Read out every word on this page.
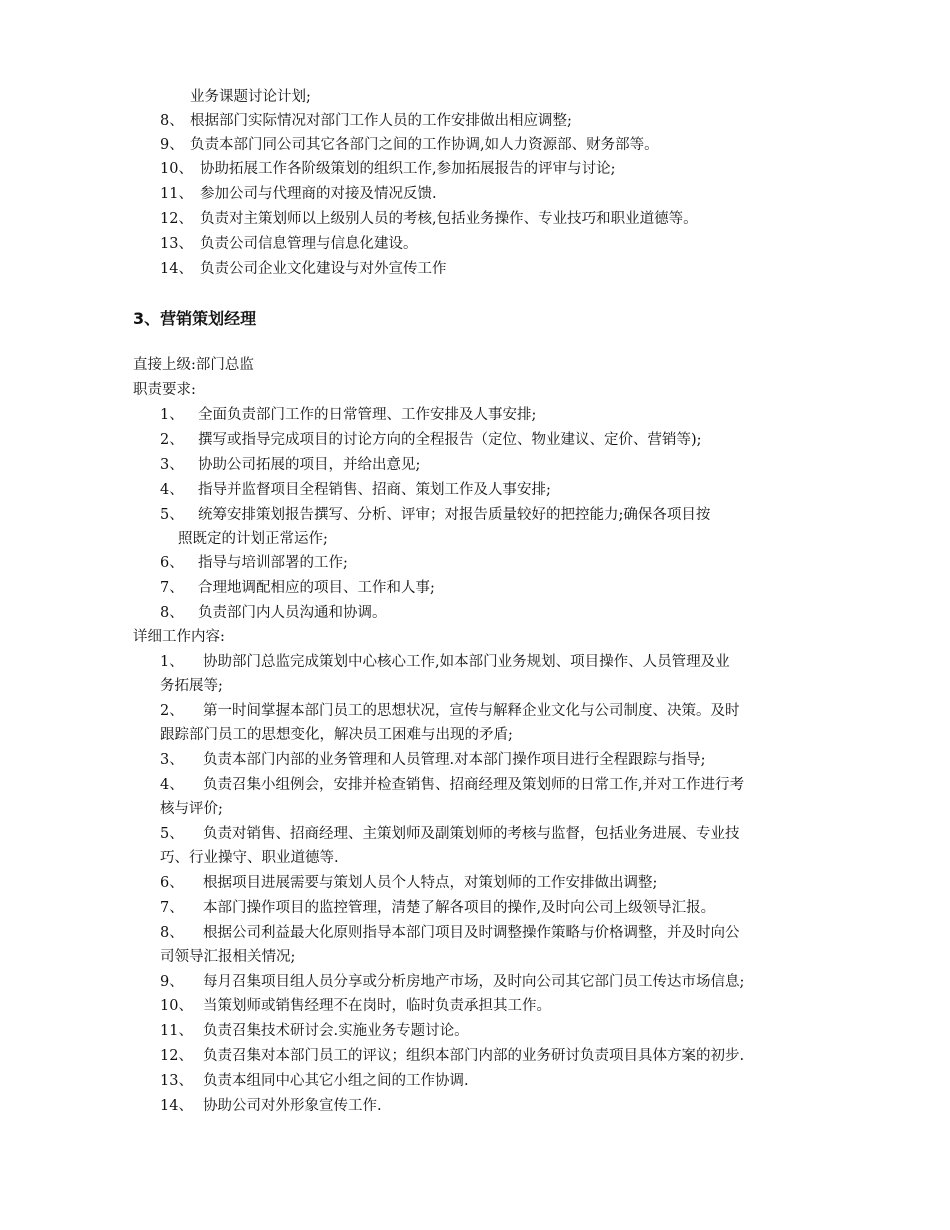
业务课题讨论计划;
8、 根据部门实际情况对部门工作人员的工作安排做出相应调整;
9、 负责本部门同公司其它各部门之间的工作协调,如人力资源部、财务部等。
10、 协助拓展工作各阶级策划的组织工作,参加拓展报告的评审与讨论;
11、 参加公司与代理商的对接及情况反馈.
12、 负责对主策划师以上级别人员的考核,包括业务操作、专业技巧和职业道德等。
13、 负责公司信息管理与信息化建设。
14、 负责公司企业文化建设与对外宣传工作
3、营销策划经理
直接上级:部门总监
职责要求:
1、 全面负责部门工作的日常管理、工作安排及人事安排;
2、 撰写或指导完成项目的讨论方向的全程报告（定位、物业建议、定价、营销等);
3、 协助公司拓展的项目，并给出意见;
4、 指导并监督项目全程销售、招商、策划工作及人事安排;
5、 统筹安排策划报告撰写、分析、评审；对报告质量较好的把控能力;确保各项目按
照既定的计划正常运作;
6、 指导与培训部署的工作;
7、 合理地调配相应的项目、工作和人事;
8、 负责部门内人员沟通和协调。
详细工作内容:
1、 协助部门总监完成策划中心核心工作,如本部门业务规划、项目操作、人员管理及业
务拓展等;
2、 第一时间掌握本部门员工的思想状况，宣传与解释企业文化与公司制度、决策。及时
跟踪部门员工的思想变化，解决员工困难与出现的矛盾;
3、 负责本部门内部的业务管理和人员管理.对本部门操作项目进行全程跟踪与指导;
4、 负责召集小组例会，安排并检查销售、招商经理及策划师的日常工作,并对工作进行考
核与评价;
5、 负责对销售、招商经理、主策划师及副策划师的考核与监督，包括业务进展、专业技
巧、行业操守、职业道德等.
6、 根据项目进展需要与策划人员个人特点，对策划师的工作安排做出调整;
7、 本部门操作项目的监控管理，清楚了解各项目的操作,及时向公司上级领导汇报。
8、 根据公司利益最大化原则指导本部门项目及时调整操作策略与价格调整，并及时向公
司领导汇报相关情况;
9、 每月召集项目组人员分享或分析房地产市场，及时向公司其它部门员工传达市场信息;
10、 当策划师或销售经理不在岗时，临时负责承担其工作。
11、 负责召集技术研讨会.实施业务专题讨论。
12、 负责召集对本部门员工的评议；组织本部门内部的业务研讨负责项目具体方案的初步.
13、 负责本组同中心其它小组之间的工作协调.
14、 协助公司对外形象宣传工作.
